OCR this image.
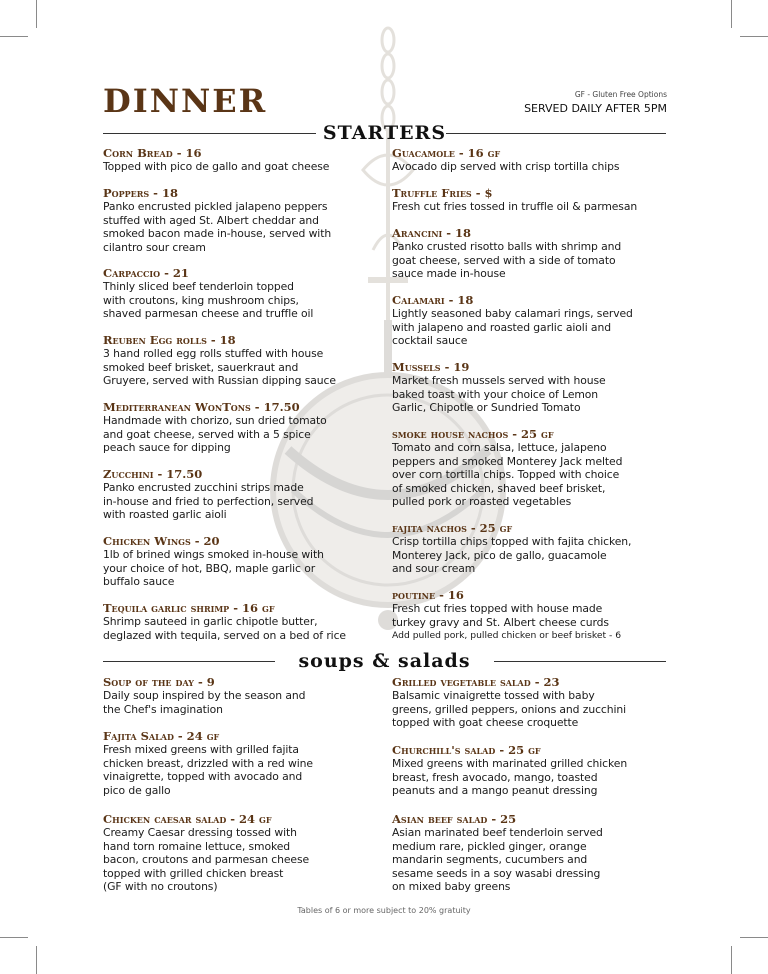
DINNER	GF - Gluten Free Options
SERVED DAILY AFTER 5PM
STARTERS
Corn Bread - 16
Topped with pico de gallo and goat cheese
Poppers - 18
Panko encrusted pickled jalapeno peppers
stuffed with aged St. Albert cheddar and
smoked bacon made in-house, served with
cilantro sour cream
Carpaccio - 21
Thinly sliced beef tenderloin topped
with croutons, king mushroom chips,
shaved parmesan cheese and truffle oil
Reuben Egg rolls - 18
3 hand rolled egg rolls stuffed with house
smoked beef brisket, sauerkraut and
Gruyere, served with Russian dipping sauce
Mediterranean WonTons - 17.50
Handmade with chorizo, sun dried tomato
and goat cheese, served with a 5 spice
peach sauce for dipping
Zucchini - 17.50
Panko encrusted zucchini strips made
in-house and fried to perfection, served
with roasted garlic aioli
Chicken Wings - 20
1lb of brined wings smoked in-house with
your choice of hot, BBQ, maple garlic or
buffalo sauce
Tequila garlic shrimp - 16 gf
Shrimp sauteed in garlic chipotle butter,
deglazed with tequila, served on a bed of rice
Guacamole - 16 gf
Avocado dip served with crisp tortilla chips
Truffle Fries - $
Fresh cut fries tossed in truffle oil & parmesan
Arancini - 18
Panko crusted risotto balls with shrimp and
goat cheese, served with a side of tomato
sauce made in-house
Calamari - 18
Lightly seasoned baby calamari rings, served
with jalapeno and roasted garlic aioli and
cocktail sauce
Mussels - 19
Market fresh mussels served with house
baked toast with your choice of Lemon
Garlic, Chipotle or Sundried Tomato
smoke house nachos - 25 gf
Tomato and corn salsa, lettuce, jalapeno
peppers and smoked Monterey Jack melted
over corn tortilla chips. Topped with choice
of smoked chicken, shaved beef brisket,
pulled pork or roasted vegetables
fajita nachos - 25 gf
Crisp tortilla chips topped with fajita chicken,
Monterey Jack, pico de gallo, guacamole
and sour cream
poutine - 16
Fresh cut fries topped with house made
turkey gravy and St. Albert cheese curds
Add pulled pork, pulled chicken or beef brisket - 6
soups & salads
Soup of the day - 9
Daily soup inspired by the season and
the Chef's imagination
Fajita Salad - 24 gf
Fresh mixed greens with grilled fajita
chicken breast, drizzled with a red wine
vinaigrette, topped with avocado and
pico de gallo
Chicken caesar salad - 24 gf
Creamy Caesar dressing tossed with
hand torn romaine lettuce, smoked
bacon, croutons and parmesan cheese
topped with grilled chicken breast
(GF with no croutons)
Grilled vegetable salad - 23
Balsamic vinaigrette tossed with baby
greens, grilled peppers, onions and zucchini
topped with goat cheese croquette
Churchill's salad - 25 gf
Mixed greens with marinated grilled chicken
breast, fresh avocado, mango, toasted
peanuts and a mango peanut dressing
Asian beef salad - 25
Asian marinated beef tenderloin served
medium rare, pickled ginger, orange
mandarin segments, cucumbers and
sesame seeds in a soy wasabi dressing
on mixed baby greens
Tables of 6 or more subject to 20% gratuity
